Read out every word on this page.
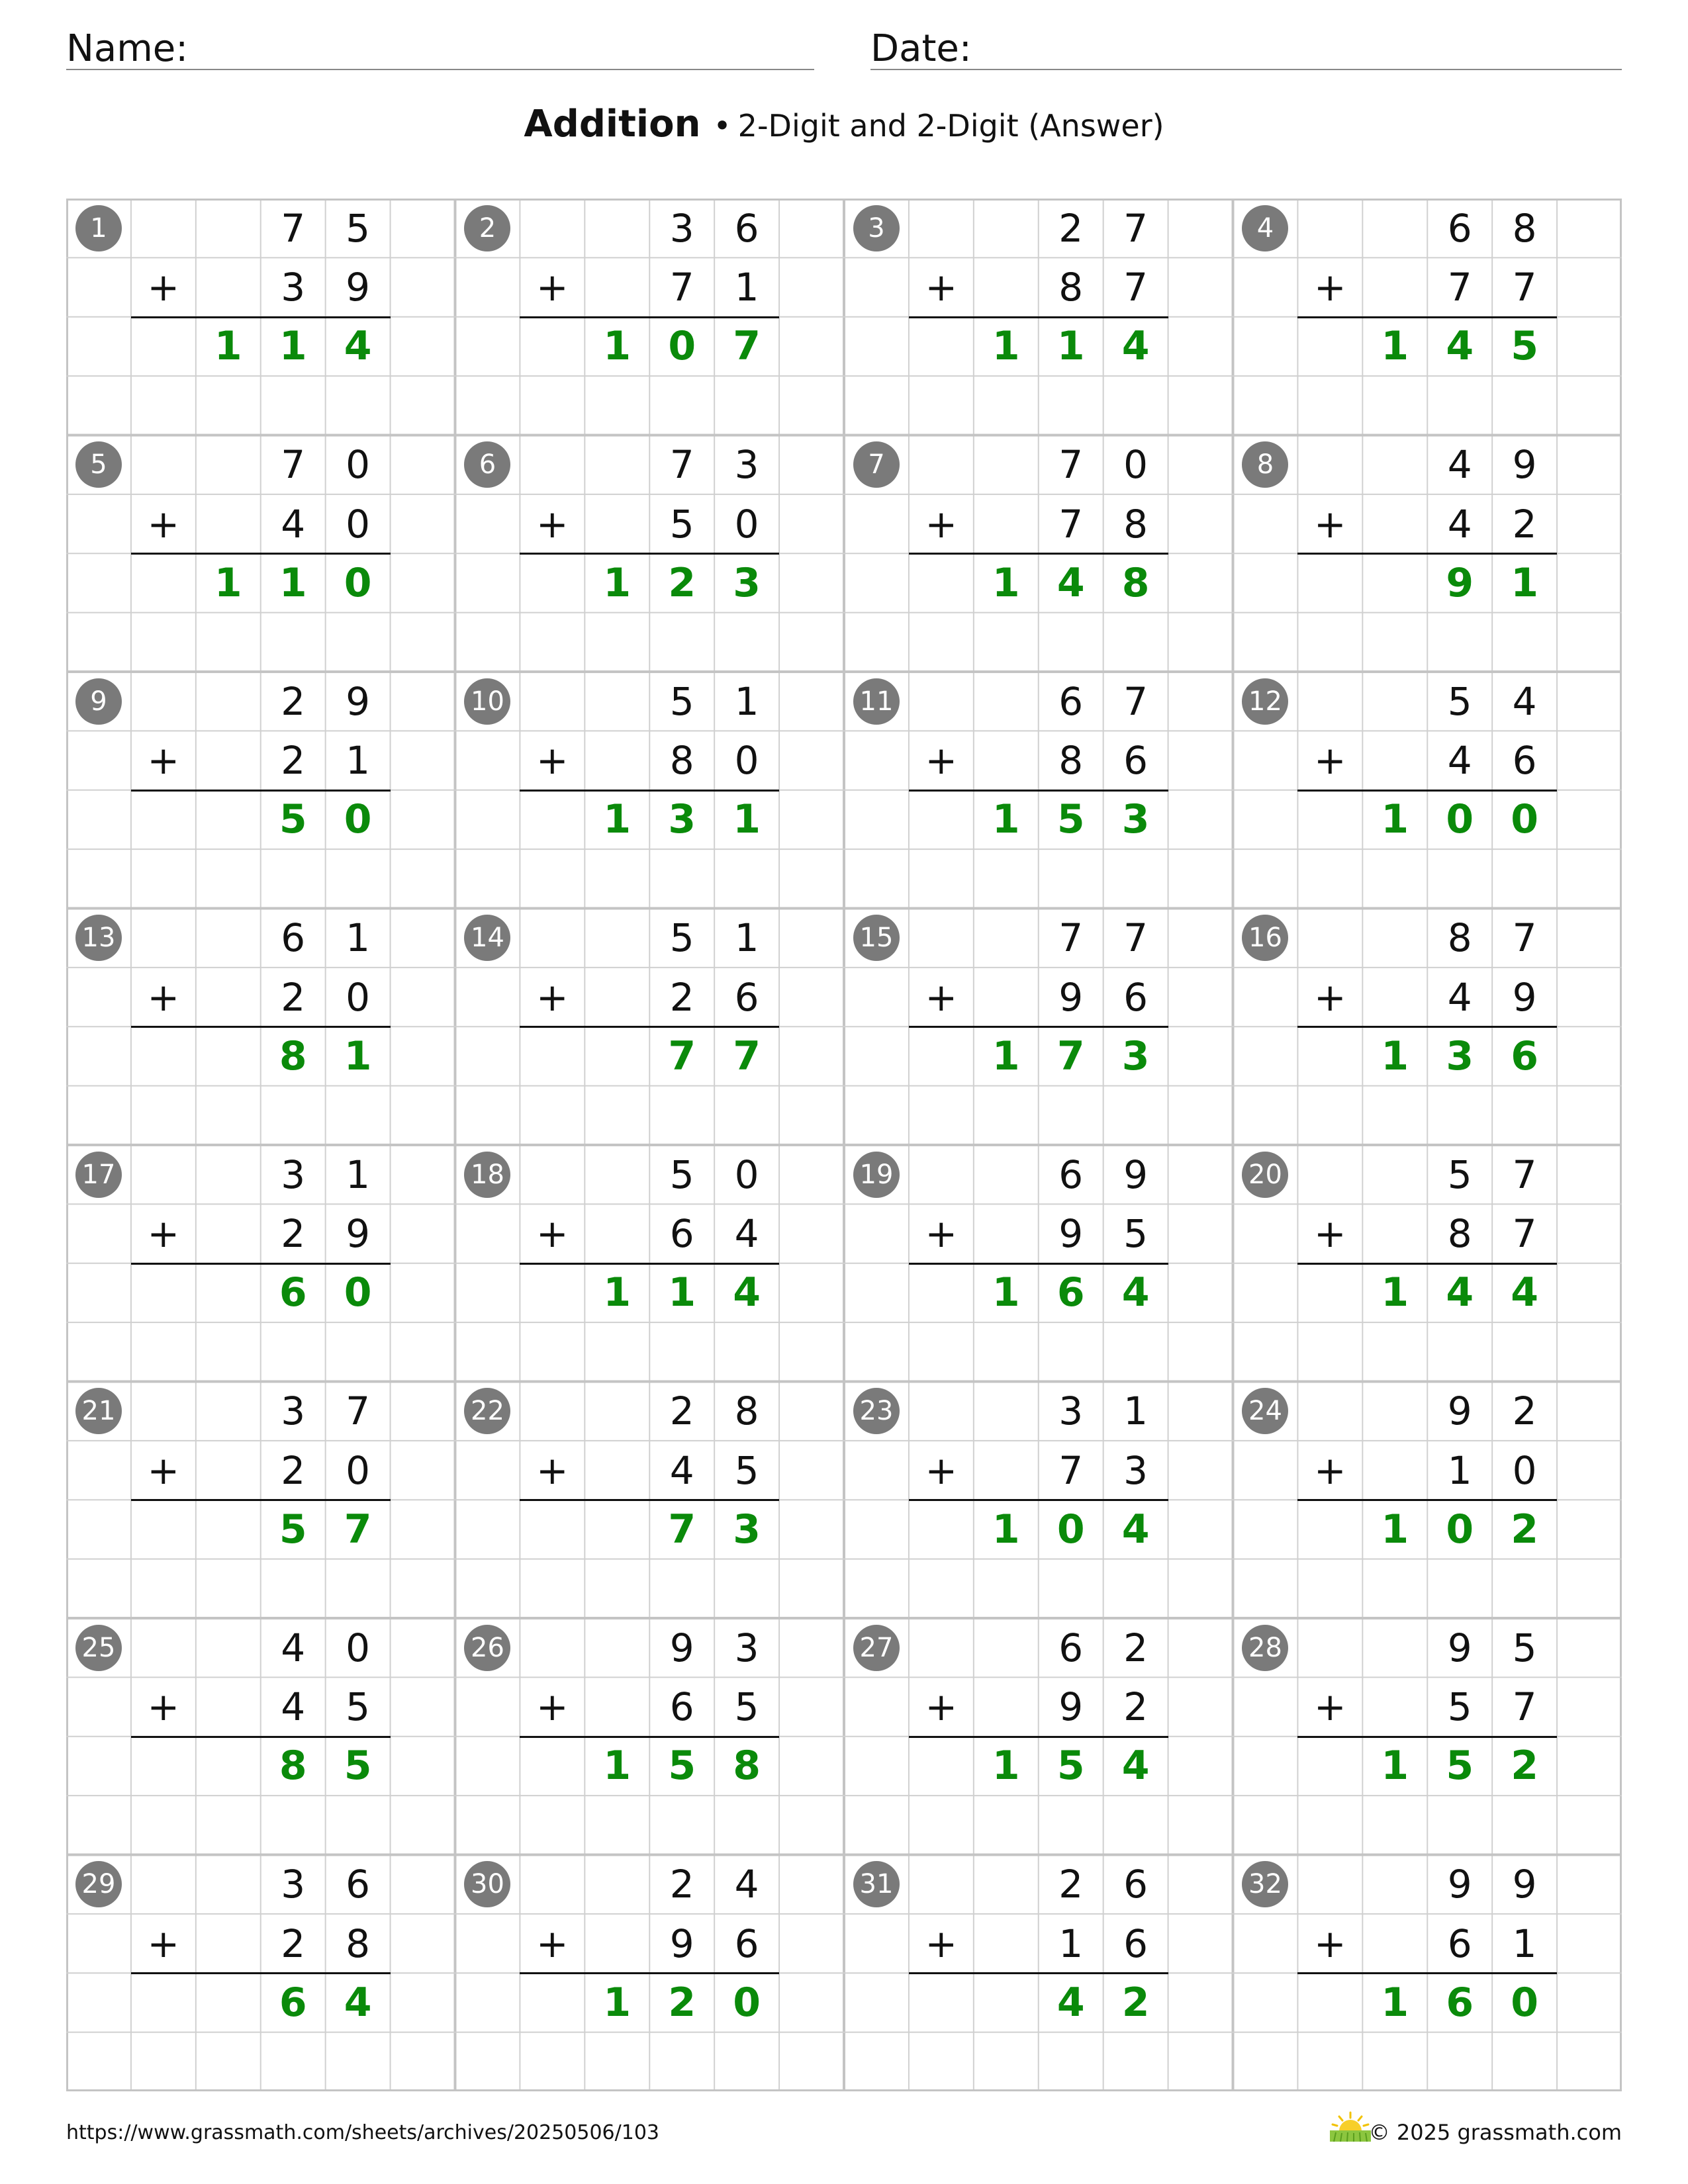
Name:	Date:
Addition • 2-Digit and 2-Digit (Answer)
1	7	5
+	3	9
1 1 4
2	3	6
+	7	1
1 0 7
3	2	7
+	8	7
1 1 4
4	6	8
+	7	7
1 4 5
5	7	0
+	4	0
1 1 0
6	7	3
+	5	0
1 2 3
7	7	0
+	7	8
1 4 8
8	4	9
+	4	2
9 1
9	2	9
+	2	1
5 0
10	5	1
+	8	0
1 3 1
11	6	7
+	8	6
1 5 3
12	5	4
+	4	6
1 0 0
13	6	1
+	2	0
8 1
14	5	1
+	2	6
7 7
15	7	7
+	9	6
1 7 3
16	8	7
+	4	9
1 3 6
17	3	1
+	2	9
6 0
18	5	0
+	6	4
1 1 4
19	6	9
+	9	5
1 6 4
20	5	7
+	8	7
1 4 4
21	3	7
+	2	0
5 7
22	2	8
+	4	5
7 3
23	3	1
+	7	3
1 0 4
24	9	2
+	1	0
1 0 2
25	4	0
+	4	5
8 5
26	9	3
+	6	5
1 5 8
27	6	2
+	9	2
1 5 4
28	9	5
+	5	7
1 5 2
29	3	6
+	2	8
6 4
30	2	4
+	9	6
1 2 0
31	2	6
+	1	6
4 2
32	9	9
+	6	1
1 6 0
https://www.grassmath.com/sheets/archives/20250506/103	© 2025 grassmath.com
